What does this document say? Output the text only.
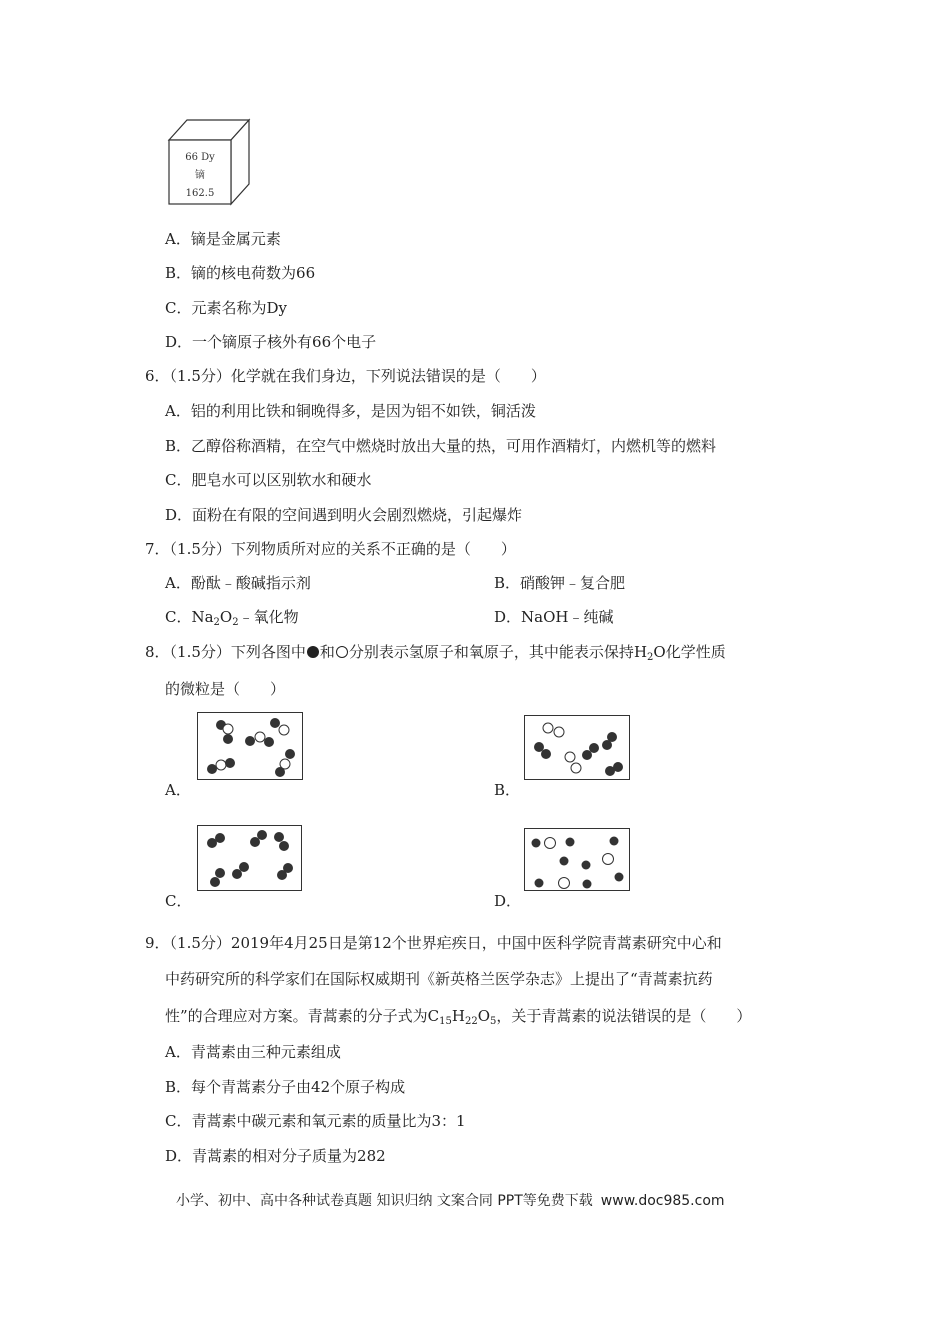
66 Dy
镝
162.5
A．镝是金属元素
B．镝的核电荷数为66
C．元素名称为Dy
D．一个镝原子核外有66个电子
6．（1.5分）化学就在我们身边，下列说法错误的是（　　）
A．铝的利用比铁和铜晚得多，是因为铝不如铁，铜活泼
B．乙醇俗称酒精，在空气中燃烧时放出大量的热，可用作酒精灯，内燃机等的燃料
C．肥皂水可以区别软水和硬水
D．面粉在有限的空间遇到明火会剧烈燃烧，引起爆炸
7．（1.5分）下列物质所对应的关系不正确的是（　　）
A．酚酞﹣酸碱指示剂	B．硝酸钾﹣复合肥
C．$Na_2O_2﹣$氧化物	D．NaOH﹣纯碱
8．（1.5分）下列各图中 和 分别表示氢原子和氧原子，其中能表示保持$H_2O$化学性质
的微粒是（　　）
A．	B．
C．	D．
9．（1.5分）2019年4月25日是第12个世界疟疾日，中国中医科学院青蒿素研究中心和
中药研究所的科学家们在国际权威期刊《新英格兰医学杂志》上提出了“青蒿素抗药
性”的合理应对方案。青蒿素的分子式为$C_{15}H_{22}O_5$，关于青蒿素的说法错误的是（　　）
A．青蒿素由三种元素组成
B．每个青蒿素分子由42个原子构成
C．青蒿素中碳元素和氧元素的质量比为3：1
D．青蒿素的相对分子质量为282
小学、初中、高中各种试卷真题 知识归纳 文案合同 PPT等免费下载 www.doc985.com
